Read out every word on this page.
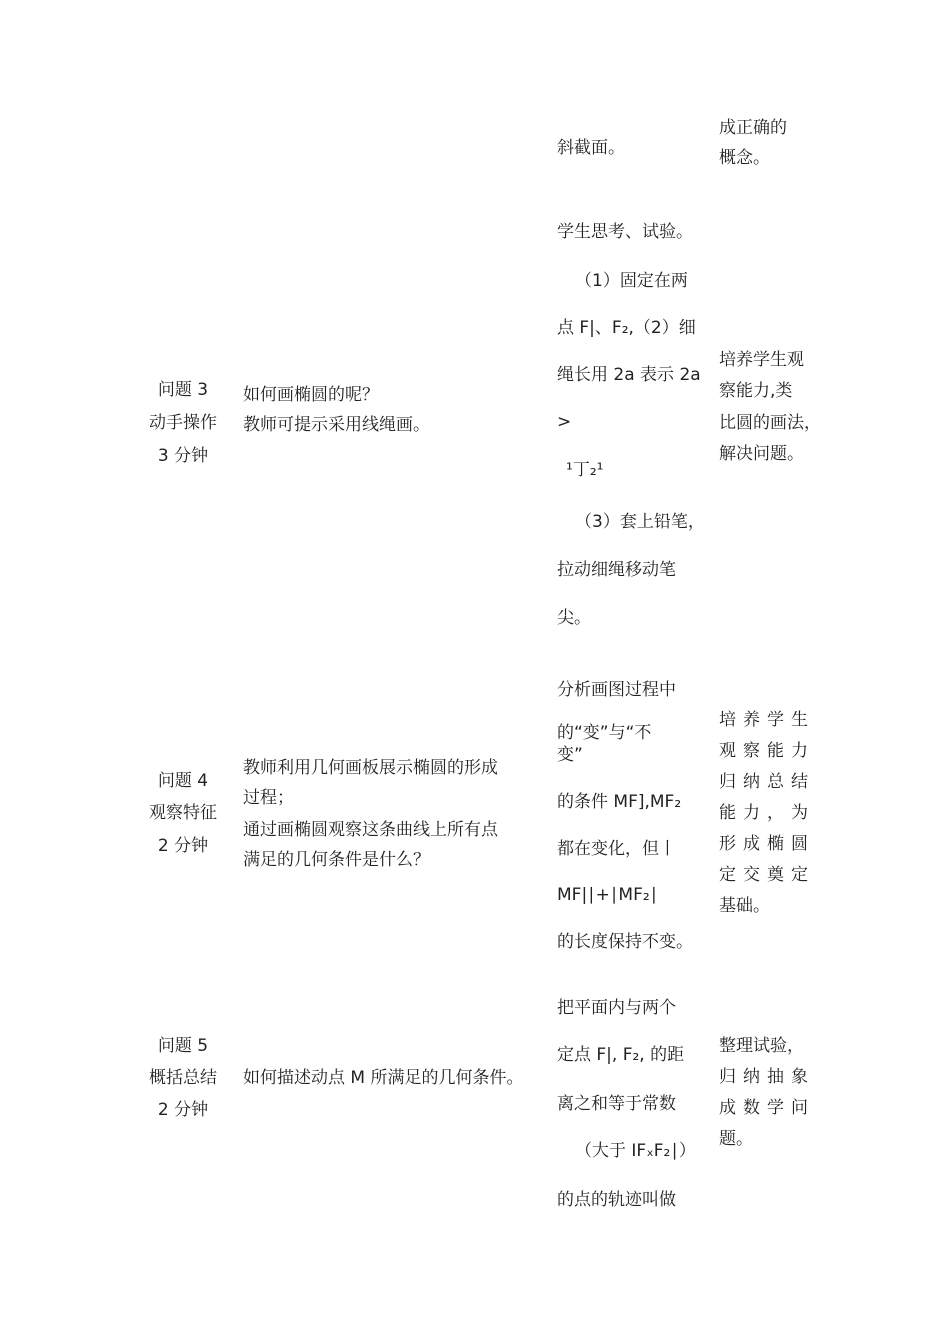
斜截面。

成正确的

概念。

问题 3

动手操作

3 分钟

如何画椭圆的呢？

教师可提示采用线绳画。

学生思考、试验。

（1）固定在两

点 F|、F₂,（2）细

绳长用 2a 表示 2a

>

¹丁₂¹

（3）套上铅笔，

拉动细绳移动笔

尖。

培养学生观

察能力,类

比圆的画法，

解决问题。

问题 4

观察特征

2 分钟

教师利用几何画板展示椭圆的形成

过程；

通过画椭圆观察这条曲线上所有点

满足的几何条件是什么？

分析画图过程中

的“变”与“不

变”

的条件 MF],MF₂

都在变化，但丨

MF|∣+∣MF₂∣

的长度保持不变。

培养学生

观察能力

归纳总结

能力，为

形成椭圆

定交奠定

基础。

问题 5

概括总结

2 分钟

如何描述动点 M 所满足的几何条件。

把平面内与两个

定点 F|, F₂, 的距

离之和等于常数

（大于 IFₓF₂∣）

的点的轨迹叫做

整理试验，

归纳抽象

成数学问

题。
